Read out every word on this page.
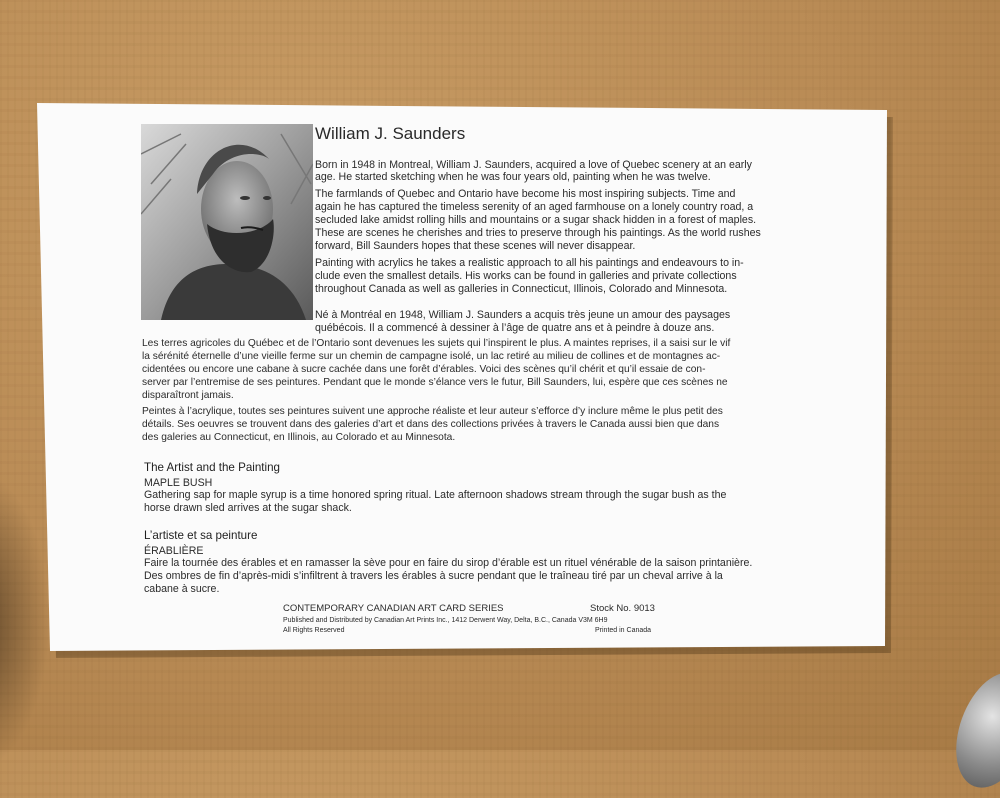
William J. Saunders
Born in 1948 in Montreal, William J. Saunders, acquired a love of Quebec scenery at an early
age. He started sketching when he was four years old, painting when he was twelve.
The farmlands of Quebec and Ontario have become his most inspiring subjects. Time and
again he has captured the timeless serenity of an aged farmhouse on a lonely country road, a
secluded lake amidst rolling hills and mountains or a sugar shack hidden in a forest of maples.
These are scenes he cherishes and tries to preserve through his paintings. As the world rushes
forward, Bill Saunders hopes that these scenes will never disappear.
Painting with acrylics he takes a realistic approach to all his paintings and endeavours to in-
clude even the smallest details. His works can be found in galleries and private collections
throughout Canada as well as galleries in Connecticut, Illinois, Colorado and Minnesota.
Né à Montréal en 1948, William J. Saunders a acquis très jeune un amour des paysages
québécois. Il a commencé à dessiner à l’âge de quatre ans et à peindre à douze ans.
Les terres agricoles du Québec et de l’Ontario sont devenues les sujets qui l’inspirent le plus. A maintes reprises, il a saisi sur le vif
la sérénité éternelle d’une vieille ferme sur un chemin de campagne isolé, un lac retiré au milieu de collines et de montagnes ac-
cidentées ou encore une cabane à sucre cachée dans une forêt d’érables. Voici des scènes qu’il chérit et qu’il essaie de con-
server par l’entremise de ses peintures. Pendant que le monde s’élance vers le futur, Bill Saunders, lui, espère que ces scènes ne
disparaîtront jamais.
Peintes à l’acrylique, toutes ses peintures suivent une approche réaliste et leur auteur s’efforce d’y inclure même le plus petit des
détails. Ses oeuvres se trouvent dans des galeries d’art et dans des collections privées à travers le Canada aussi bien que dans
des galeries au Connecticut, en Illinois, au Colorado et au Minnesota.
The Artist and the Painting
MAPLE BUSH
Gathering sap for maple syrup is a time honored spring ritual. Late afternoon shadows stream through the sugar bush as the
horse drawn sled arrives at the sugar shack.
L’artiste et sa peinture
ÉRABLIÈRE
Faire la tournée des érables et en ramasser la sève pour en faire du sirop d’érable est un rituel vénérable de la saison printanière.
Des ombres de fin d’après-midi s’infiltrent à travers les érables à sucre pendant que le traîneau tiré par un cheval arrive à la
cabane à sucre.
CONTEMPORARY CANADIAN ART CARD SERIES	Stock No. 9013
Published and Distributed by Canadian Art Prints Inc., 1412 Derwent Way, Delta, B.C., Canada V3M 6H9
All Rights Reserved	Printed in Canada
